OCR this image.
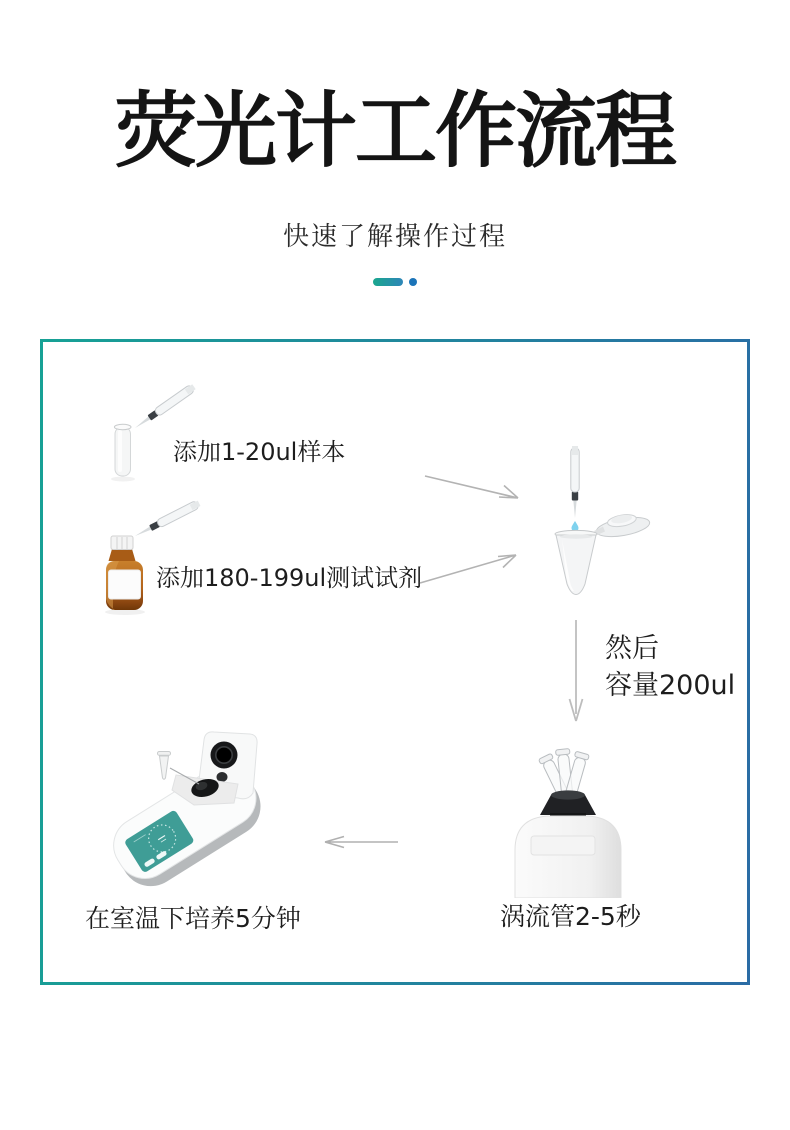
荧光计工作流程

快速了解操作过程

添加1-20ul样本
添加180-199ul测试试剂
然后
容量200ul
涡流管2-5秒
在室温下培养5分钟
